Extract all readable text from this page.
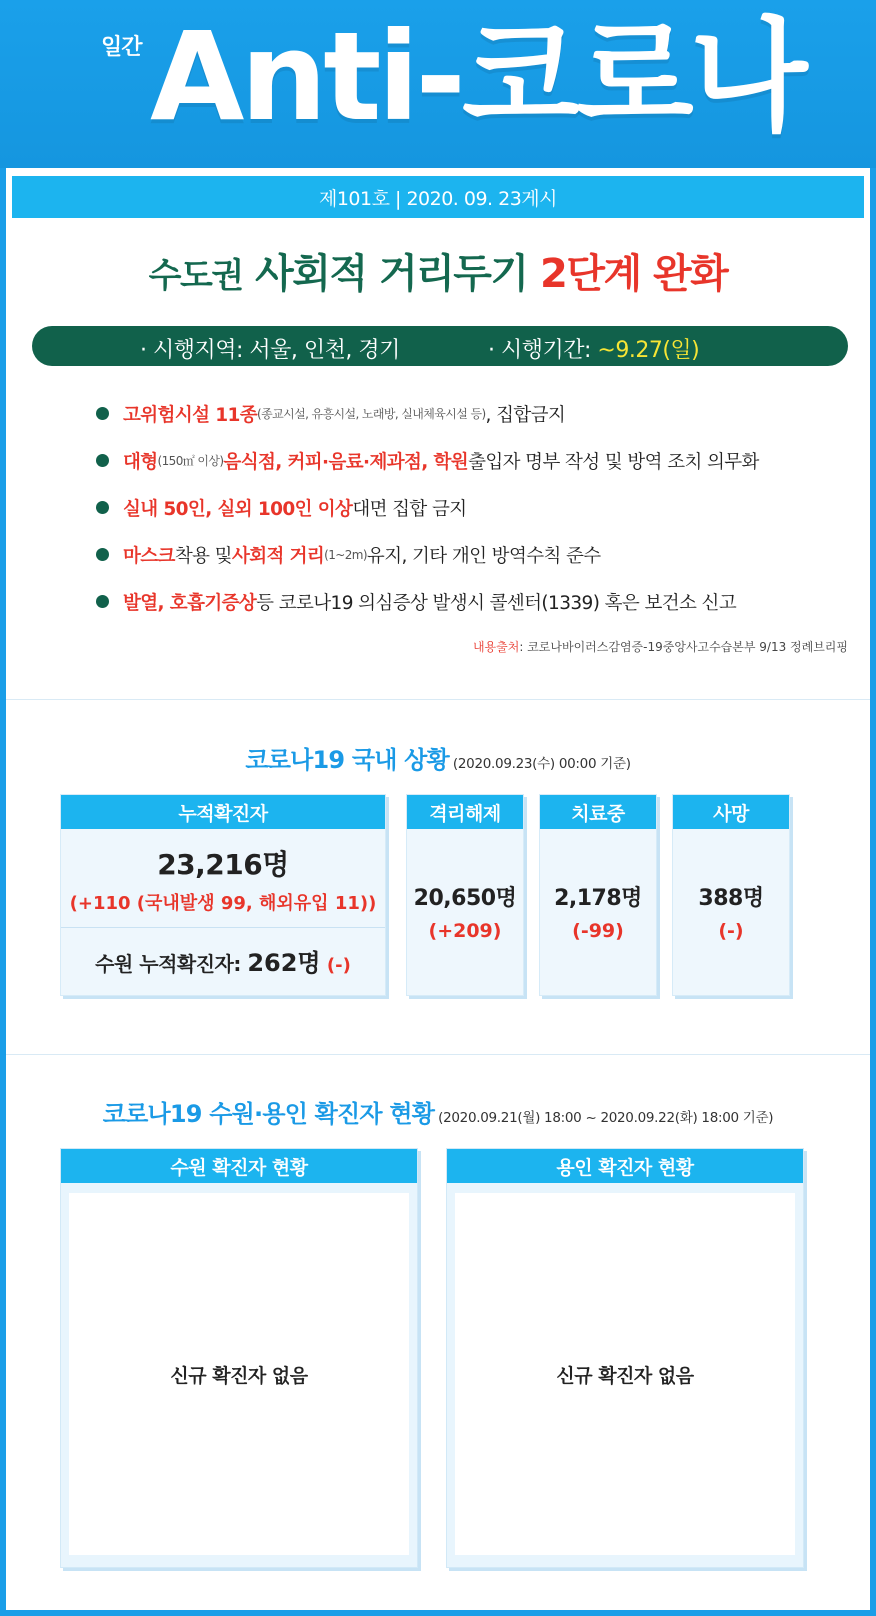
일간 Anti-코로나
제101호 | 2020. 09. 23게시
수도권 사회적 거리두기 2단계 완화
· 시행지역: 서울, 인천, 경기	· 시행기간: ~9.27(일)
고위험시설 11종 (종교시설, 유흥시설, 노래방, 실내체육시설 등) , 집합금지
대형 (150㎡ 이상) 음식점, 커피·음료·제과점, 학원 출입자 명부 작성 및 방역 조치 의무화
실내 50인, 실외 100인 이상 대면 집합 금지
마스크 착용 및 사회적 거리 (1~2m) 유지, 기타 개인 방역수칙 준수
발열, 호흡기증상 등 코로나19 의심증상 발생시 콜센터(1339) 혹은 보건소 신고
내용출처: 코로나바이러스감염증-19중앙사고수습본부 9/13 정례브리핑
코로나19 국내 상황 (2020.09.23(수) 00:00 기준)
누적확진자
23,216명
(+110 (국내발생 99, 해외유입 11))
수원 누적확진자: 262명 (-)
격리해제
20,650명
(+209)
치료중
2,178명
(-99)
사망
388명
(-)
코로나19 수원·용인 확진자 현황 (2020.09.21(월) 18:00 ~ 2020.09.22(화) 18:00 기준)
수원 확진자 현황
신규 확진자 없음
용인 확진자 현황
신규 확진자 없음
